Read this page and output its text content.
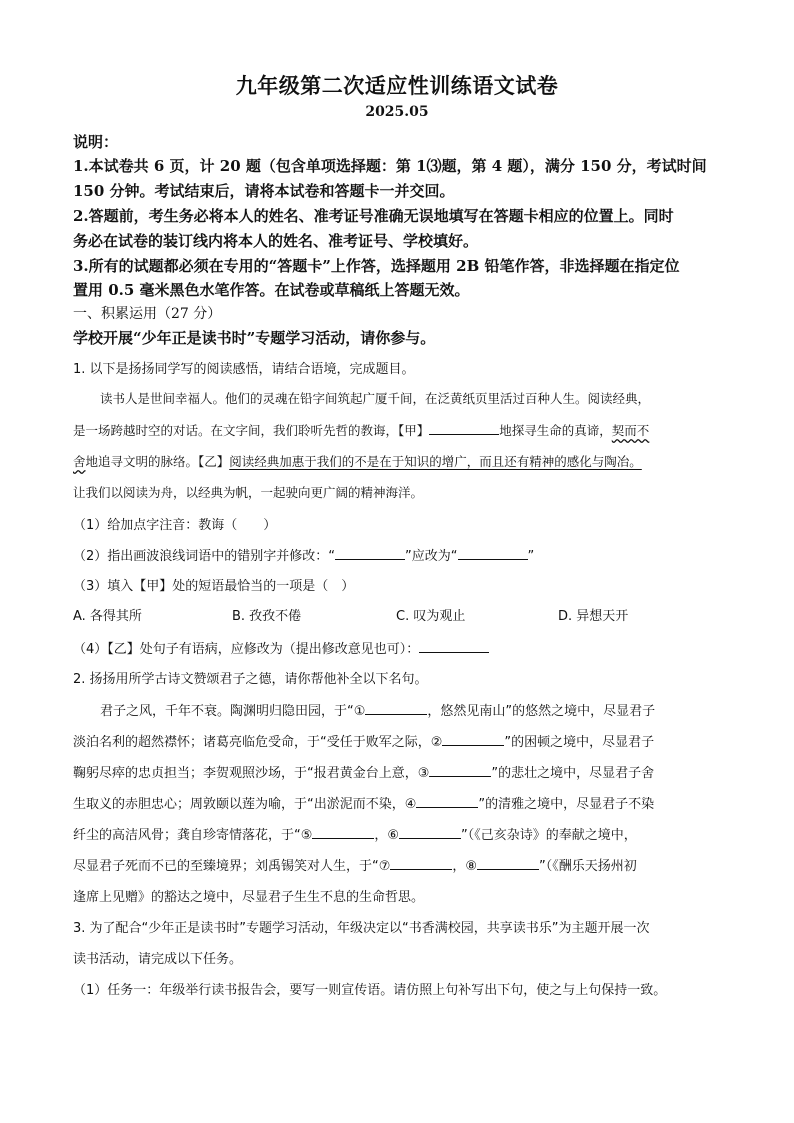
九年级第二次适应性训练语文试卷
2025.05
说明：
1.本试卷共 6 页，计 20 题（包含单项选择题：第 1⑶题，第 4 题），满分 150 分，考试时间
150 分钟。考试结束后，请将本试卷和答题卡一并交回。
2.答题前，考生务必将本人的姓名、准考证号准确无误地填写在答题卡相应的位置上。同时
务必在试卷的装订线内将本人的姓名、准考证号、学校填好。
3.所有的试题都必须在专用的“答题卡”上作答，选择题用 2B 铅笔作答，非选择题在指定位
置用 0.5 毫米黑色水笔作答。在试卷或草稿纸上答题无效。
一、积累运用（27 分）
学校开展“少年正是读书时”专题学习活动，请你参与。
1. 以下是扬扬同学写的阅读感悟，请结合语境，完成题目。
读书人是世间幸福人。他们的灵魂在铅字间筑起广厦千间，在泛黄纸页里活过百种人生。阅读经典，
是一场跨越时空的对话。在文字间，我们聆听先哲的教诲，【甲】	地探寻生命的真谛，契而不
舍地追寻文明的脉络。【乙】阅读经典加惠于我们的不是在于知识的增广，而且还有精神的感化与陶冶。
让我们以阅读为舟，以经典为帆，一起驶向更广阔的精神海洋。
（1）给加点字注音：教诲（　　）
（2）指出画波浪线词语中的错别字并修改：“	”应改为“	”
（3）填入【甲】处的短语最恰当的一项是（　）
A. 各得其所	B. 孜孜不倦	C. 叹为观止	D. 异想天开
（4）【乙】处句子有语病，应修改为（提出修改意见也可）：
2. 扬扬用所学古诗文赞颂君子之德，请你帮他补全以下名句。
君子之风，千年不衰。陶渊明归隐田园，于“①	，悠然见南山”的悠然之境中，尽显君子
淡泊名利的超然襟怀；诸葛亮临危受命，于“受任于败军之际，②	”的困顿之境中，尽显君子
鞠躬尽瘁的忠贞担当；李贺观照沙场，于“报君黄金台上意，③	”的悲壮之境中，尽显君子舍
生取义的赤胆忠心；周敦颐以莲为喻，于“出淤泥而不染，④	”的清雅之境中，尽显君子不染
纤尘的高洁风骨；龚自珍寄情落花，于“⑤	，⑥	”（《己亥杂诗》的奉献之境中，
尽显君子死而不已的至臻境界；刘禹锡笑对人生，于“⑦	，⑧	”（《酬乐天扬州初
逢席上见赠》的豁达之境中，尽显君子生生不息的生命哲思。
3. 为了配合“少年正是读书时”专题学习活动，年级决定以“书香满校园，共享读书乐”为主题开展一次
读书活动，请完成以下任务。
（1）任务一：年级举行读书报告会，要写一则宣传语。请仿照上句补写出下句，使之与上句保持一致。
